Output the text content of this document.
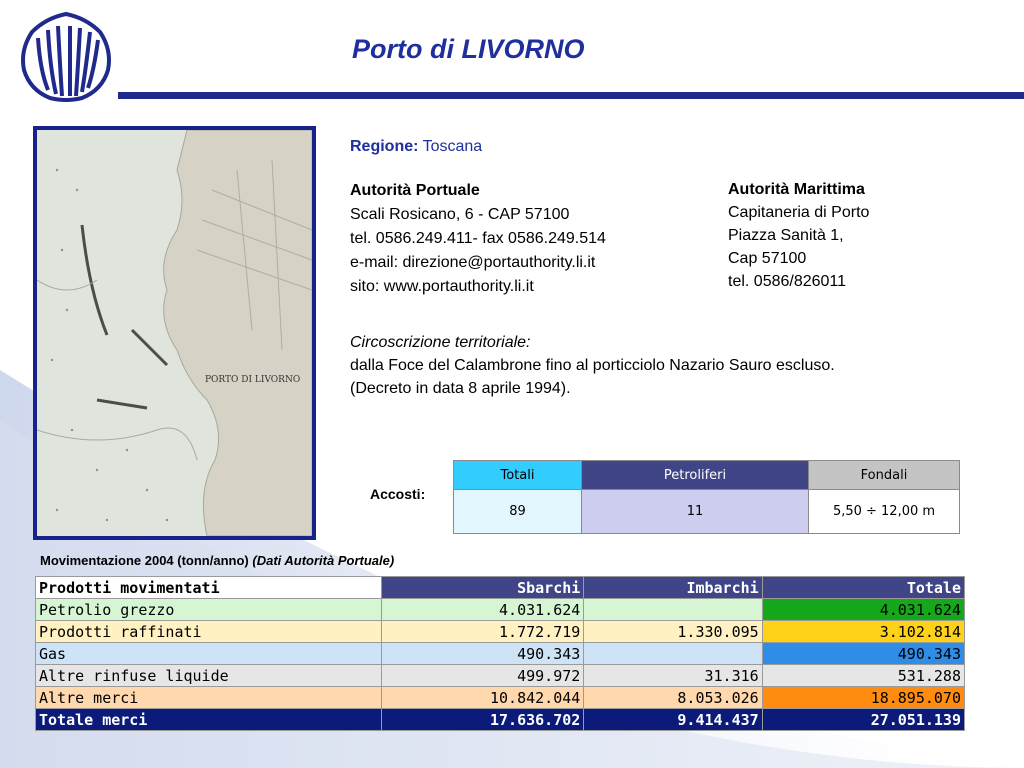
Porto di LIVORNO
PORTO DI LIVORNO
Regione: Toscana
Autorità Portuale
Scali Rosicano, 6 - CAP 57100
tel. 0586.249.411- fax 0586.249.514
e-mail: direzione@portauthority.li.it
sito: www.portauthority.li.it
Autorità Marittima
Capitaneria di Porto
Piazza Sanità 1,
Cap 57100
tel. 0586/826011
Circoscrizione territoriale:
dalla Foce del Calambrone fino al porticciolo Nazario Sauro escluso.
(Decreto in data 8 aprile 1994).
Accosti:
Totali	Petroliferi	Fondali
89	11	5,50 ÷ 12,00 m
Movimentazione 2004 (tonn/anno) (Dati Autorità Portuale)
Prodotti movimentati	Sbarchi	Imbarchi	Totale
Petrolio grezzo	4.031.624		4.031.624
Prodotti raffinati	1.772.719	1.330.095	3.102.814
Gas	490.343		490.343
Altre rinfuse liquide	499.972	31.316	531.288
Altre merci	10.842.044	8.053.026	18.895.070
Totale merci	17.636.702	9.414.437	27.051.139
